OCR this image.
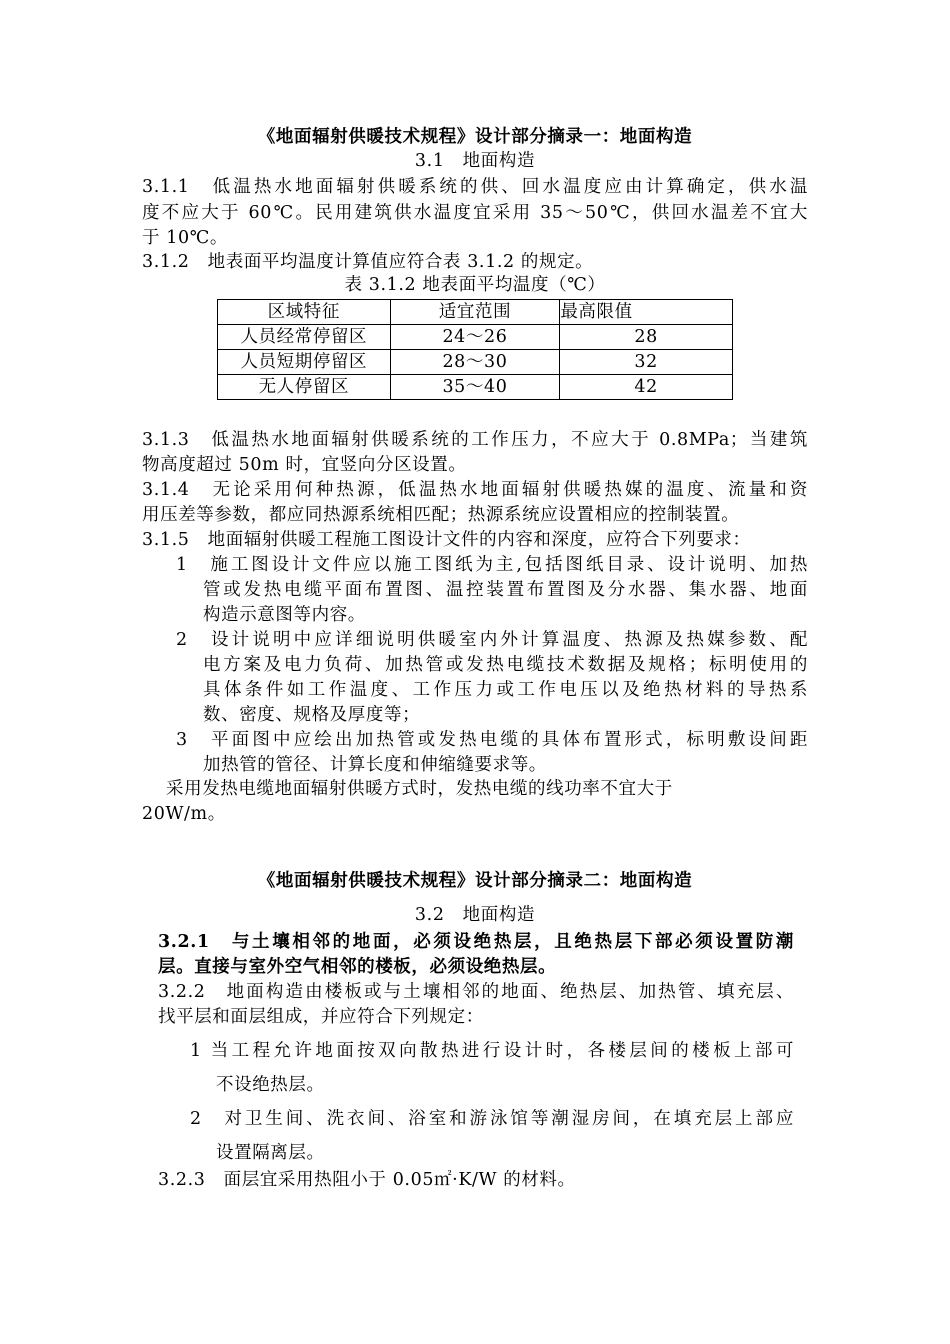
《地面辐射供暖技术规程》设计部分摘录一：地面构造
3.1　地面构造
3.1.1　低温热水地面辐射供暖系统的供、回水温度应由计算确定，供水温
度不应大于 60℃。民用建筑供水温度宜采用 35～50℃，供回水温差不宜大
于 10℃。
3.1.2　地表面平均温度计算值应符合表 3.1.2 的规定。
表 3.1.2 地表面平均温度（℃）
区域特征	适宜范围	最高限值
人员经常停留区	24～26	28
人员短期停留区	28～30	32
无人停留区	35～40	42
3.1.3　低温热水地面辐射供暖系统的工作压力，不应大于 0.8MPa；当建筑
物高度超过 50m 时，宜竖向分区设置。
3.1.4　无论采用何种热源，低温热水地面辐射供暖热媒的温度、流量和资
用压差等参数，都应同热源系统相匹配；热源系统应设置相应的控制装置。
3.1.5　地面辐射供暖工程施工图设计文件的内容和深度，应符合下列要求：
1　施工图设计文件应以施工图纸为主,包括图纸目录、设计说明、加热
管或发热电缆平面布置图、温控装置布置图及分水器、集水器、地面
构造示意图等内容。
2　设计说明中应详细说明供暖室内外计算温度、热源及热媒参数、配
电方案及电力负荷、加热管或发热电缆技术数据及规格；标明使用的
具体条件如工作温度、工作压力或工作电压以及绝热材料的导热系
数、密度、规格及厚度等；
3　平面图中应绘出加热管或发热电缆的具体布置形式，标明敷设间距
加热管的管径、计算长度和伸缩缝要求等。
采用发热电缆地面辐射供暖方式时，发热电缆的线功率不宜大于
20W/m。
《地面辐射供暖技术规程》设计部分摘录二：地面构造
3.2　地面构造
3.2.1　与土壤相邻的地面，必须设绝热层，且绝热层下部必须设置防潮
层。直接与室外空气相邻的楼板，必须设绝热层。
3.2.2　地面构造由楼板或与土壤相邻的地面、绝热层、加热管、填充层、
找平层和面层组成，并应符合下列规定：
1 当工程允许地面按双向散热进行设计时，各楼层间的楼板上部可
不设绝热层。
2　对卫生间、洗衣间、浴室和游泳馆等潮湿房间，在填充层上部应
设置隔离层。
3.2.3　面层宜采用热阻小于 0.05㎡·K/W 的材料。
